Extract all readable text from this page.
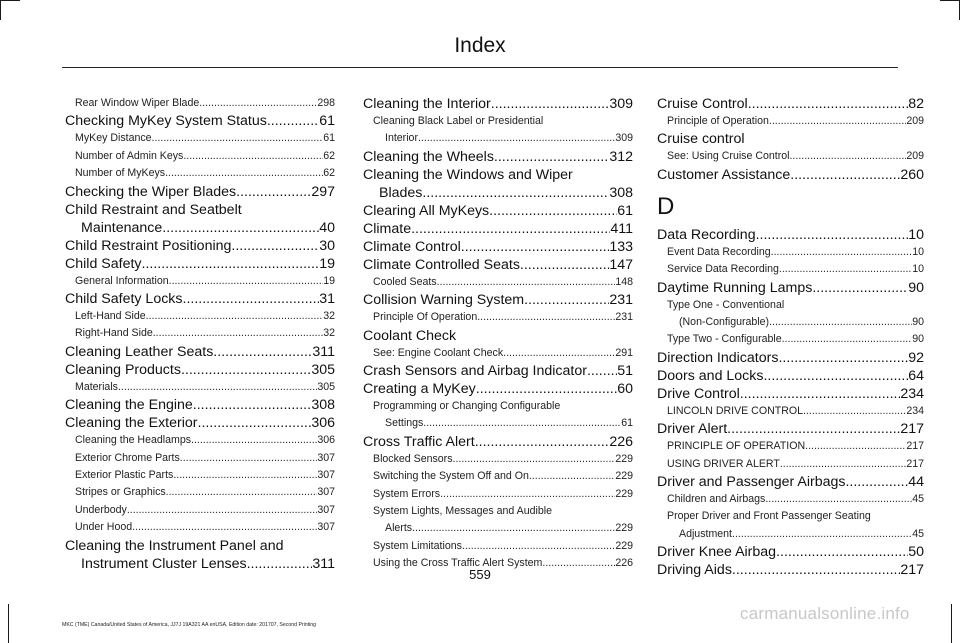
Index
Rear Window Wiper Blade .....	298
Checking MyKey System Status .....	61
MyKey Distance .....	61
Number of Admin Keys .....	62
Number of MyKeys .....	62
Checking the Wiper Blades .....	297
Child Restraint and Seatbelt
Maintenance .....	40
Child Restraint Positioning .....	30
Child Safety .....	19
General Information .....	19
Child Safety Locks .....	31
Left-Hand Side .....	32
Right-Hand Side .....	32
Cleaning Leather Seats .....	311
Cleaning Products .....	305
Materials .....	305
Cleaning the Engine .....	308
Cleaning the Exterior .....	306
Cleaning the Headlamps .....	306
Exterior Chrome Parts .....	307
Exterior Plastic Parts .....	307
Stripes or Graphics .....	307
Underbody .....	307
Under Hood .....	307
Cleaning the Instrument Panel and
Instrument Cluster Lenses .....	311
Cleaning the Interior .....	309
Cleaning Black Label or Presidential
Interior .....	309
Cleaning the Wheels .....	312
Cleaning the Windows and Wiper
Blades .....	308
Clearing All MyKeys .....	61
Climate .....	411
Climate Control .....	133
Climate Controlled Seats .....	147
Cooled Seats .....	148
Collision Warning System .....	231
Principle Of Operation .....	231
Coolant Check
See: Engine Coolant Check .....	291
Crash Sensors and Airbag Indicator ..... 51
Creating a MyKey .....	60
Programming or Changing Configurable
Settings .....	61
Cross Traffic Alert .....	226
Blocked Sensors .....	229
Switching the System Off and On .....	229
System Errors .....	229
System Lights, Messages and Audible
Alerts .....	229
System Limitations .....	229
Using the Cross Traffic Alert System .....	226
Cruise Control .....	82
Principle of Operation .....	209
Cruise control
See: Using Cruise Control .....	209
Customer Assistance .....	260
D
Data Recording .....	10
Event Data Recording .....	10
Service Data Recording .....	10
Daytime Running Lamps .....	90
Type One - Conventional
(Non-Configurable) .....	90
Type Two - Configurable .....	90
Direction Indicators .....	92
Doors and Locks .....	64
Drive Control .....	234
LINCOLN DRIVE CONTROL .....	234
Driver Alert .....	217
PRINCIPLE OF OPERATION .....	217
USING DRIVER ALERT .....	217
Driver and Passenger Airbags .....	44
Children and Airbags .....	45
Proper Driver and Front Passenger Seating
Adjustment .....	45
Driver Knee Airbag .....	50
Driving Aids .....	217
559
MKC (TME) Canada/United States of America, JJ7J 19A321 AA enUSA, Edition date: 201707, Second Printing
carmanualsonline.info
